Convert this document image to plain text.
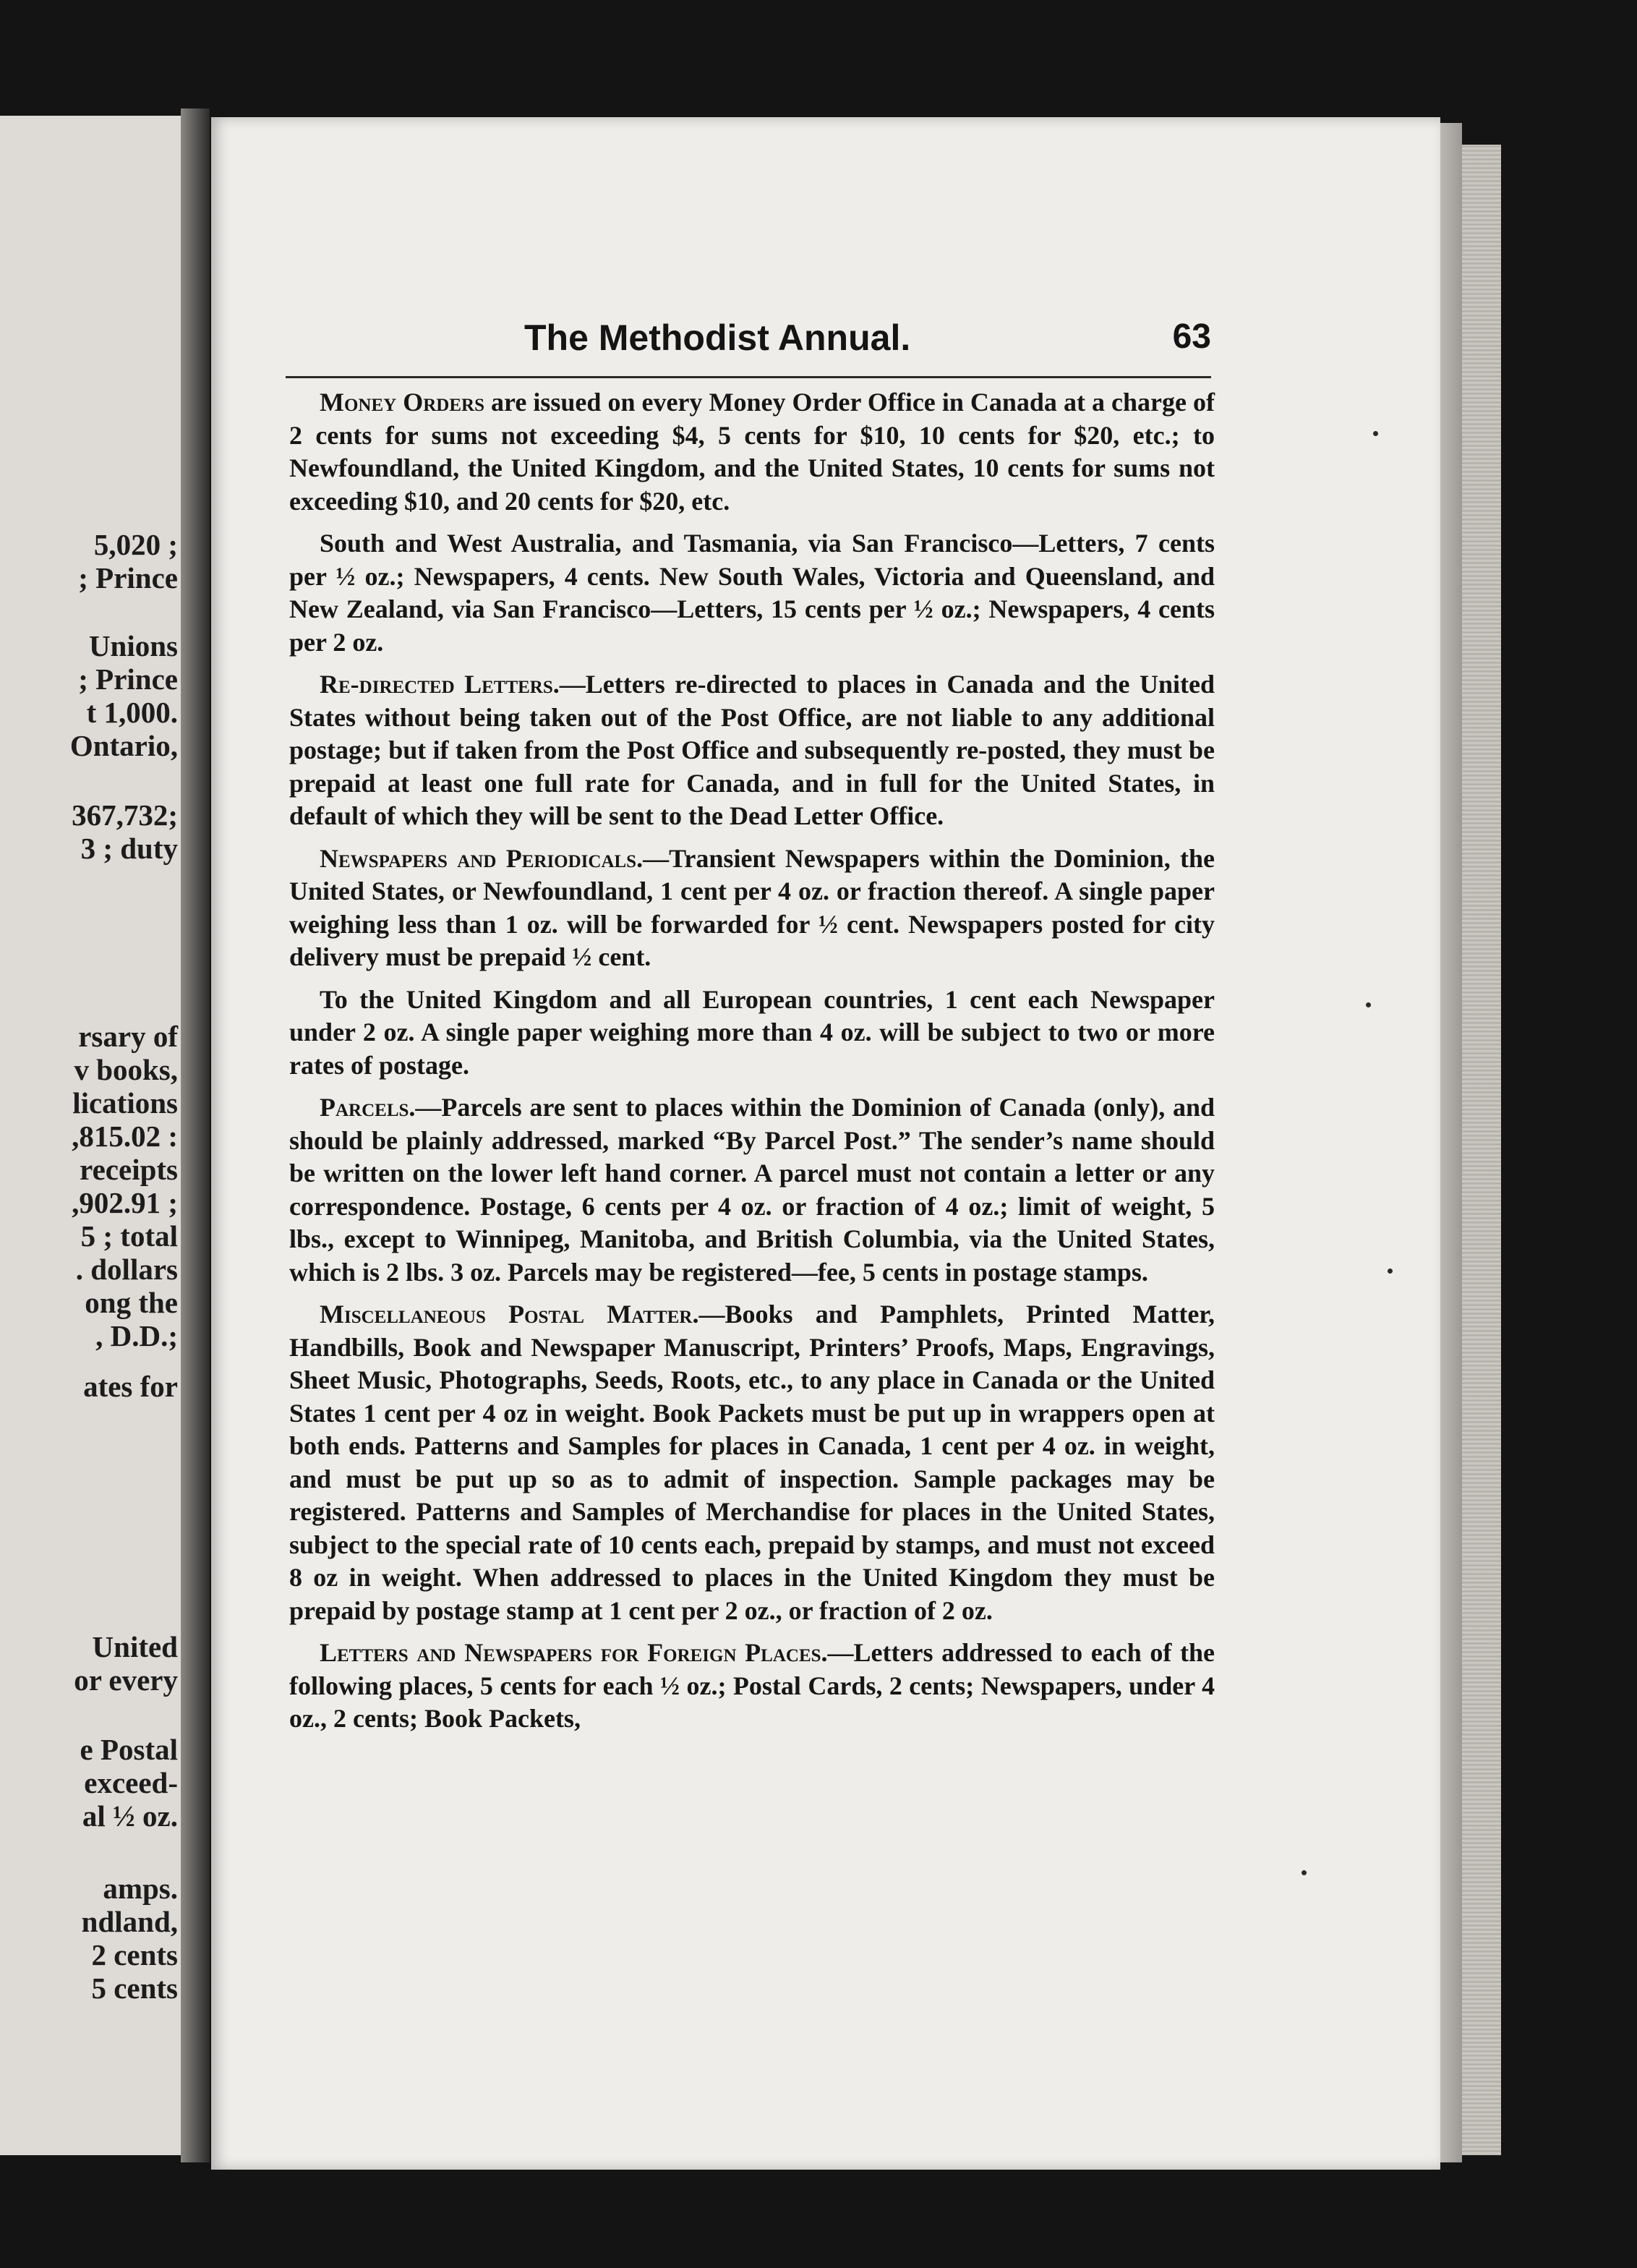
5,020 ;

; Prince

Unions

; Prince

t 1,000.

Ontario,

367,732;

3 ; duty

rsary of

v books,

lications

,815.02 :

receipts

,902.91 ;

5 ; total

. dollars

ong the

, D.D.;

ates for

United

or every

e Postal

exceed-

al ½ oz.

amps.

ndland,

2 cents

5 cents

The Methodist Annual.	63

Money Orders are issued on every Money Order Office in Canada at a charge of 2 cents for sums not exceeding $4, 5 cents for $10, 10 cents for $20, etc.; to Newfoundland, the United Kingdom, and the United States, 10 cents for sums not exceeding $10, and 20 cents for $20, etc.

South and West Australia, and Tasmania, via San Francisco—Letters, 7 cents per ½ oz.; Newspapers, 4 cents. New South Wales, Victoria and Queensland, and New Zealand, via San Francisco—Letters, 15 cents per ½ oz.; Newspapers, 4 cents per 2 oz.

Re-directed Letters.—Letters re-directed to places in Canada and the United States without being taken out of the Post Office, are not liable to any additional postage; but if taken from the Post Office and subsequently re-posted, they must be prepaid at least one full rate for Canada, and in full for the United States, in default of which they will be sent to the Dead Letter Office.

Newspapers and Periodicals.—Transient Newspapers within the Dominion, the United States, or Newfoundland, 1 cent per 4 oz. or fraction thereof. A single paper weighing less than 1 oz. will be forwarded for ½ cent. Newspapers posted for city delivery must be prepaid ½ cent.

To the United Kingdom and all European countries, 1 cent each Newspaper under 2 oz. A single paper weighing more than 4 oz. will be subject to two or more rates of postage.

Parcels.—Parcels are sent to places within the Dominion of Canada (only), and should be plainly addressed, marked “By Parcel Post.” The sender’s name should be written on the lower left hand corner. A parcel must not contain a letter or any correspondence. Postage, 6 cents per 4 oz. or fraction of 4 oz.; limit of weight, 5 lbs., except to Winnipeg, Manitoba, and British Columbia, via the United States, which is 2 lbs. 3 oz. Parcels may be registered—fee, 5 cents in postage stamps.

Miscellaneous Postal Matter.—Books and Pamphlets, Printed Matter, Handbills, Book and Newspaper Manuscript, Printers’ Proofs, Maps, Engravings, Sheet Music, Photographs, Seeds, Roots, etc., to any place in Canada or the United States 1 cent per 4 oz in weight. Book Packets must be put up in wrappers open at both ends. Patterns and Samples for places in Canada, 1 cent per 4 oz. in weight, and must be put up so as to admit of inspection. Sample packages may be registered. Patterns and Samples of Merchandise for places in the United States, subject to the special rate of 10 cents each, prepaid by stamps, and must not exceed 8 oz in weight. When addressed to places in the United Kingdom they must be prepaid by postage stamp at 1 cent per 2 oz., or fraction of 2 oz.

Letters and Newspapers for Foreign Places.—Letters addressed to each of the following places, 5 cents for each ½ oz.; Postal Cards, 2 cents; Newspapers, under 4 oz., 2 cents; Book Packets,
